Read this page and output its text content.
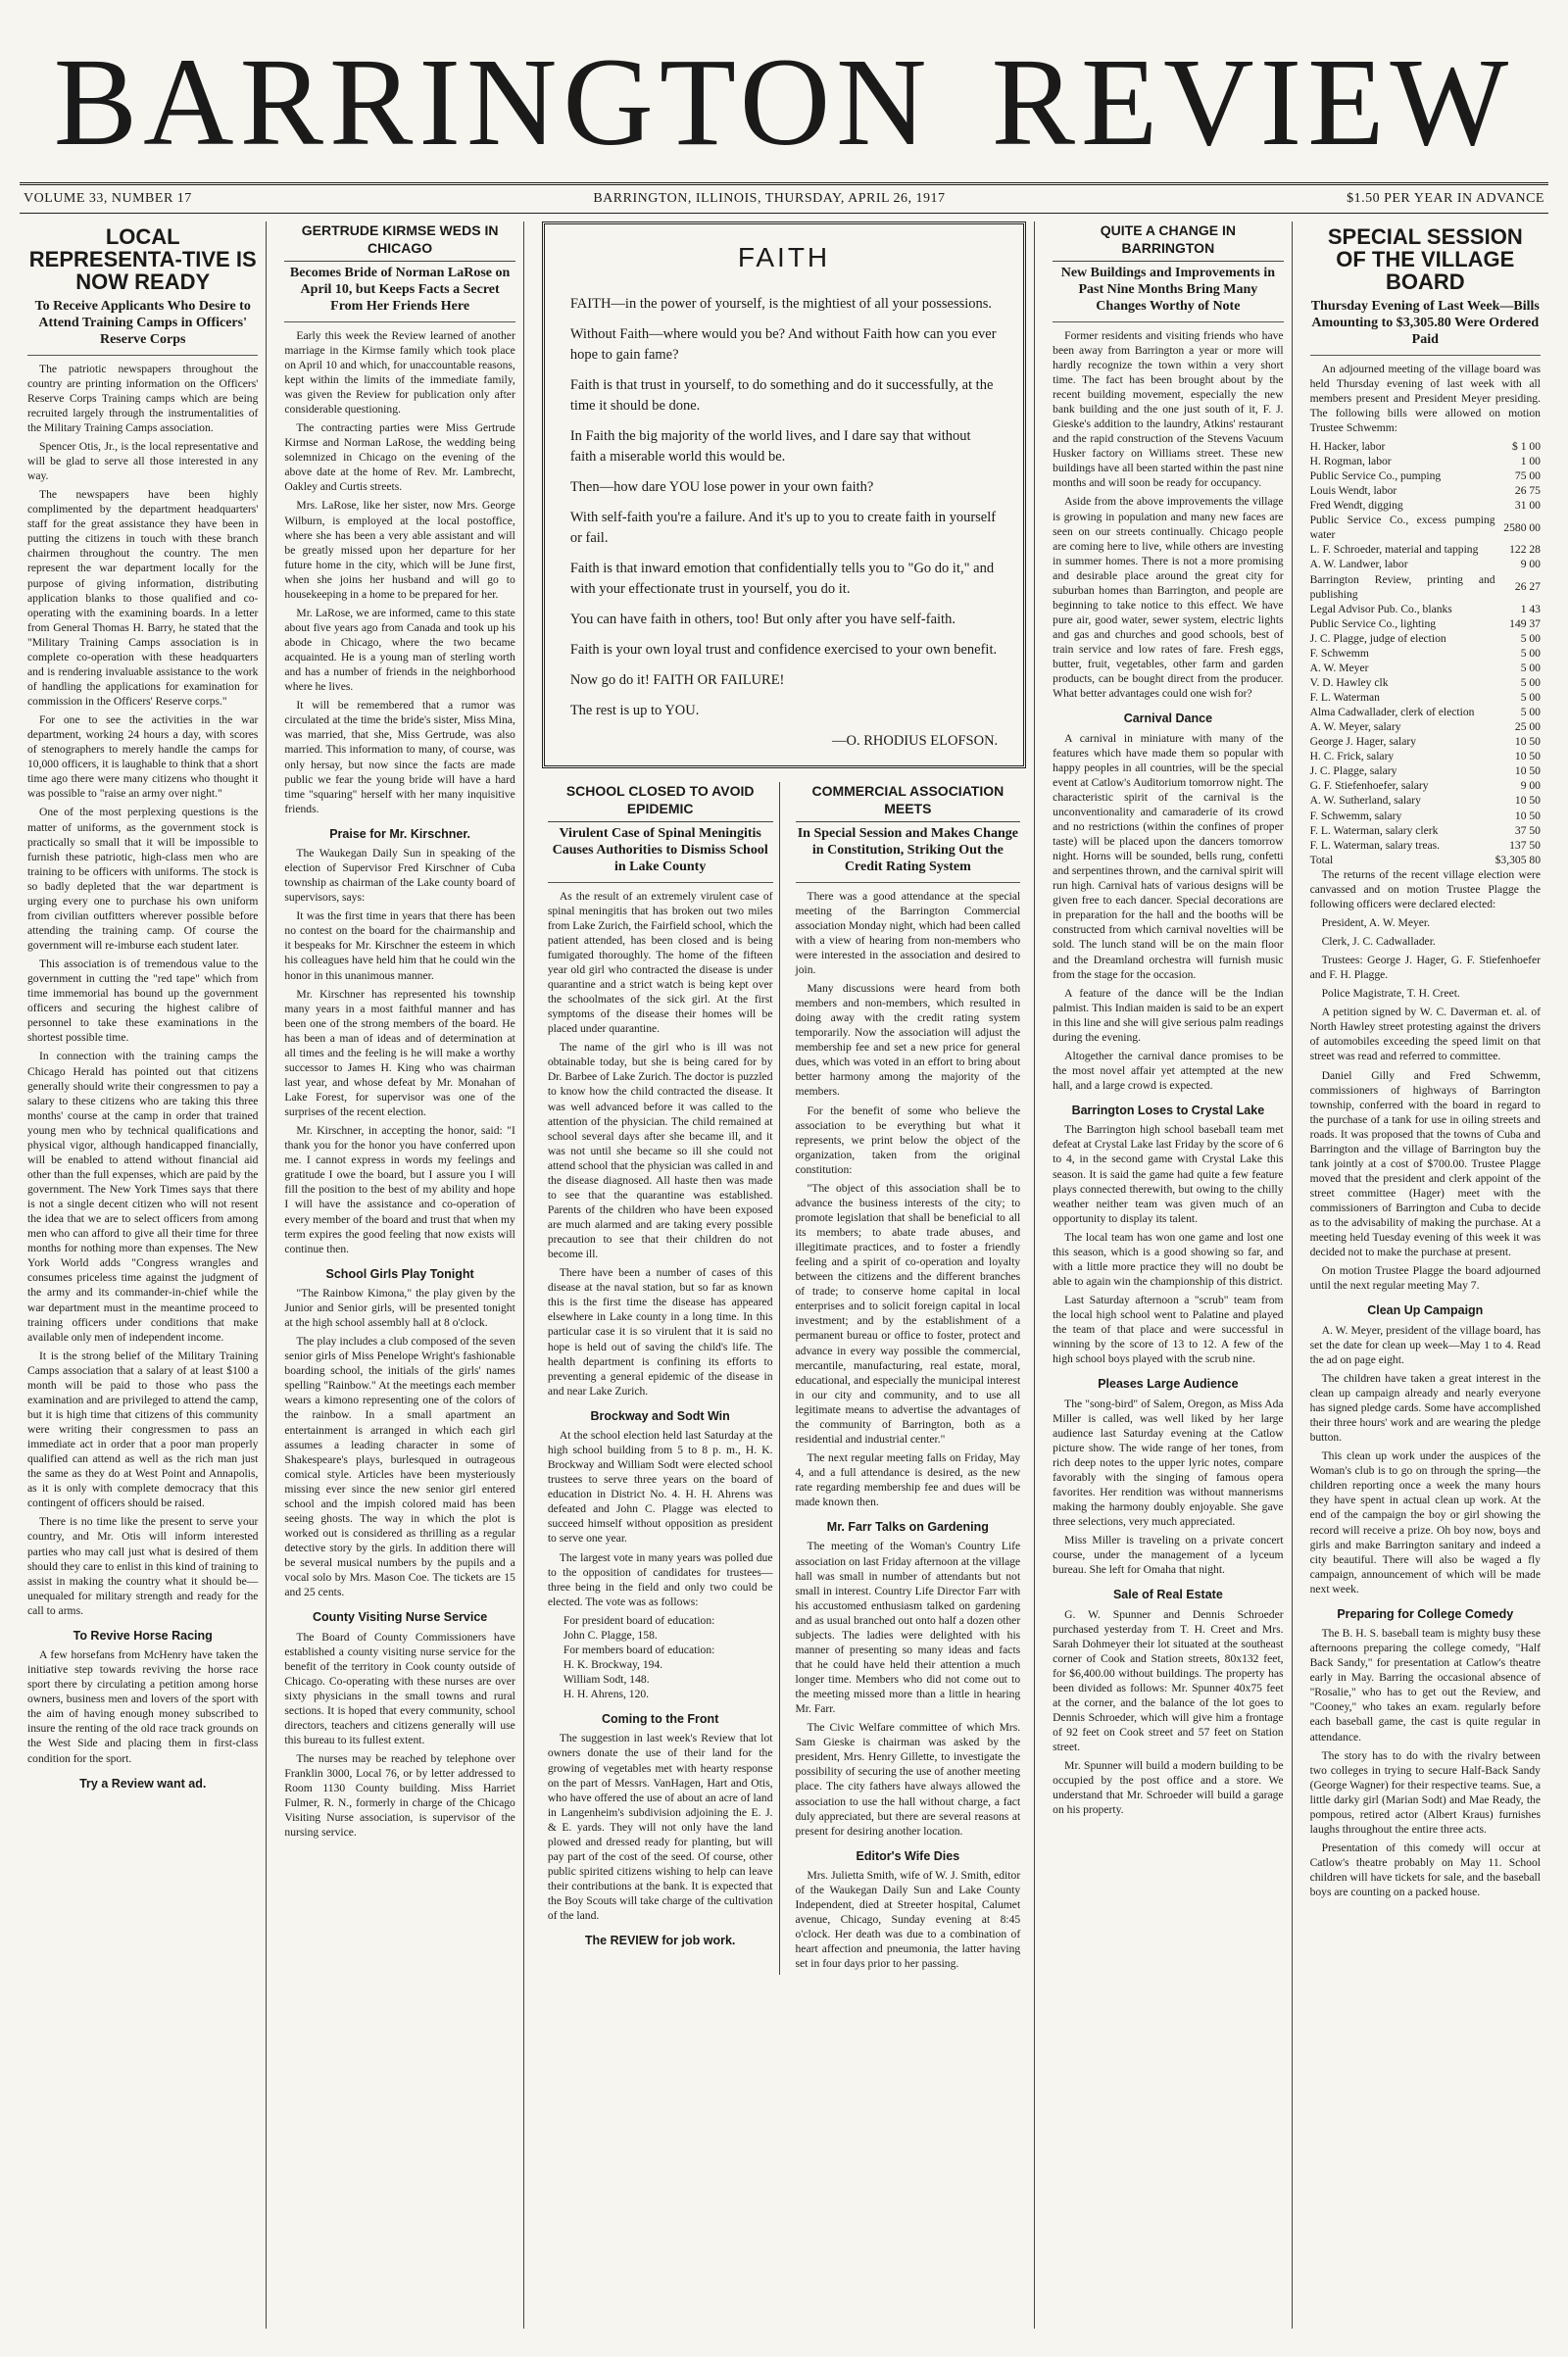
BARRINGTON REVIEW
VOLUME 33, NUMBER 17	BARRINGTON, ILLINOIS, THURSDAY, APRIL 26, 1917	$1.50 PER YEAR IN ADVANCE
LOCAL REPRESENTA-TIVE IS NOW READY
To Receive Applicants Who Desire to Attend Training Camps in Officers' Reserve Corps

The patriotic newspapers throughout the country are printing information on the Officers' Reserve Corps Training camps which are being recruited largely through the instrumentalities of the Military Training Camps association.

Spencer Otis, Jr., is the local representative and will be glad to serve all those interested in any way.

The newspapers have been highly complimented by the department headquarters' staff for the great assistance they have been in putting the citizens in touch with these branch chairmen throughout the country. The men represent the war department locally for the purpose of giving information, distributing application blanks to those qualified and co-operating with the examining boards. In a letter from General Thomas H. Barry, he stated that the "Military Training Camps association is in complete co-operation with these headquarters and is rendering invaluable assistance to the work of handling the applications for examination for commission in the Officers' Reserve corps."

For one to see the activities in the war department, working 24 hours a day, with scores of stenographers to merely handle the camps for 10,000 officers, it is laughable to think that a short time ago there were many citizens who thought it was possible to "raise an army over night."

One of the most perplexing questions is the matter of uniforms, as the government stock is practically so small that it will be impossible to furnish these patriotic, high-class men who are training to be officers with uniforms. The stock is so badly depleted that the war department is urging every one to purchase his own uniform from civilian outfitters wherever possible before attending the training camp. Of course the government will re-imburse each student later.

This association is of tremendous value to the government in cutting the "red tape" which from time immemorial has bound up the government officers and securing the highest calibre of personnel to take these examinations in the shortest possible time.

In connection with the training camps the Chicago Herald has pointed out that citizens generally should write their congressmen to pay a salary to these citizens who are taking this three months' course at the camp in order that trained young men who by technical qualifications and physical vigor, although handicapped financially, will be enabled to attend without financial aid other than the full expenses, which are paid by the government. The New York Times says that there is not a single decent citizen who will not resent the idea that we are to select officers from among men who can afford to give all their time for three months for nothing more than expenses. The New York World adds "Congress wrangles and consumes priceless time against the judgment of the army and its commander-in-chief while the war department must in the meantime proceed to training officers under conditions that make available only men of independent income.

It is the strong belief of the Military Training Camps association that a salary of at least $100 a month will be paid to those who pass the examination and are privileged to attend the camp, but it is high time that citizens of this community were writing their congressmen to pass an immediate act in order that a poor man properly qualified can attend as well as the rich man just the same as they do at West Point and Annapolis, as it is only with complete democracy that this contingent of officers should be raised.

There is no time like the present to serve your country, and Mr. Otis will inform interested parties who may call just what is desired of them should they care to enlist in this kind of training to assist in making the country what it should be—unequaled for military strength and ready for the call to arms.

To Revive Horse Racing

A few horsefans from McHenry have taken the initiative step towards reviving the horse race sport there by circulating a petition among horse owners, business men and lovers of the sport with the aim of having enough money subscribed to insure the renting of the old race track grounds on the West Side and placing them in first-class condition for the sport.

Try a Review want ad.
GERTRUDE KIRMSE WEDS IN CHICAGO
Becomes Bride of Norman LaRose on April 10, but Keeps Facts a Secret From Her Friends Here

Early this week the Review learned of another marriage in the Kirmse family which took place on April 10 and which, for unaccountable reasons, kept within the limits of the immediate family, was given the Review for publication only after considerable questioning.

The contracting parties were Miss Gertrude Kirmse and Norman LaRose, the wedding being solemnized in Chicago on the evening of the above date at the home of Rev. Mr. Lambrecht, Oakley and Curtis streets.

Mrs. LaRose, like her sister, now Mrs. George Wilburn, is employed at the local postoffice, where she has been a very able assistant and will be greatly missed upon her departure for her future home in the city, which will be June first, when she joins her husband and will go to housekeeping in a home to be prepared for her.

Mr. LaRose, we are informed, came to this state about five years ago from Canada and took up his abode in Chicago, where the two became acquainted. He is a young man of sterling worth and has a number of friends in the neighborhood where he lives.

It will be remembered that a rumor was circulated at the time the bride's sister, Miss Mina, was married, that she, Miss Gertrude, was also married. This information to many, of course, was only hersay, but now since the facts are made public we fear the young bride will have a hard time "squaring" herself with her many inquisitive friends.

Praise for Mr. Kirschner.

The Waukegan Daily Sun in speaking of the election of Supervisor Fred Kirschner of Cuba township as chairman of the Lake county board of supervisors, says:

It was the first time in years that there has been no contest on the board for the chairmanship and it bespeaks for Mr. Kirschner the esteem in which his colleagues have held him that he could win the honor in this unanimous manner.

Mr. Kirschner has represented his township many years in a most faithful manner and has been one of the strong members of the board. He has been a man of ideas and of determination at all times and the feeling is he will make a worthy successor to James H. King who was chairman last year, and whose defeat by Mr. Monahan of Lake Forest, for supervisor was one of the surprises of the recent election.

Mr. Kirschner, in accepting the honor, said: "I thank you for the honor you have conferred upon me. I cannot express in words my feelings and gratitude I owe the board, but I assure you I will fill the position to the best of my ability and hope I will have the assistance and co-operation of every member of the board and trust that when my term expires the good feeling that now exists will continue then.

School Girls Play Tonight

"The Rainbow Kimona," the play given by the Junior and Senior girls, will be presented tonight at the high school assembly hall at 8 o'clock.

The play includes a club composed of the seven senior girls of Miss Penelope Wright's fashionable boarding school, the initials of the girls' names spelling "Rainbow." At the meetings each member wears a kimono representing one of the colors of the rainbow. In a small apartment an entertainment is arranged in which each girl assumes a leading character in some of Shakespeare's plays, burlesqued in outrageous comical style. Articles have been mysteriously missing ever since the new senior girl entered school and the impish colored maid has been seeing ghosts. The way in which the plot is worked out is considered as thrilling as a regular detective story by the girls. In addition there will be several musical numbers by the pupils and a vocal solo by Mrs. Mason Coe. The tickets are 15 and 25 cents.

County Visiting Nurse Service

The Board of County Commissioners have established a county visiting nurse service for the benefit of the territory in Cook county outside of Chicago. Co-operating with these nurses are over sixty physicians in the small towns and rural sections. It is hoped that every community, school directors, teachers and citizens generally will use this bureau to its fullest extent.

The nurses may be reached by telephone over Franklin 3000, Local 76, or by letter addressed to Room 1130 County building. Miss Harriet Fulmer, R. N., formerly in charge of the Chicago Visiting Nurse association, is supervisor of the nursing service.

FAITH

FAITH—in the power of yourself, is the mightiest of all your possessions.

Without Faith—where would you be? And without Faith how can you ever hope to gain fame?

Faith is that trust in yourself, to do something and do it successfully, at the time it should be done.

In Faith the big majority of the world lives, and I dare say that without faith a miserable world this would be.

Then—how dare YOU lose power in your own faith?

With self-faith you're a failure. And it's up to you to create faith in yourself or fail.

Faith is that inward emotion that confidentially tells you to "Go do it," and with your effectionate trust in yourself, you do it.

You can have faith in others, too! But only after you have self-faith.

Faith is your own loyal trust and confidence exercised to your own benefit.

Now go do it! FAITH OR FAILURE!

The rest is up to YOU.

—O. RHODIUS ELOFSON.
SCHOOL CLOSED TO AVOID EPIDEMIC
Virulent Case of Spinal Meningitis Causes Authorities to Dismiss School in Lake County

As the result of an extremely virulent case of spinal meningitis that has broken out two miles from Lake Zurich, the Fairfield school, which the patient attended, has been closed and is being fumigated thoroughly. The home of the fifteen year old girl who contracted the disease is under quarantine and a strict watch is being kept over the schoolmates of the sick girl. At the first symptoms of the disease their homes will be placed under quarantine.

The name of the girl who is ill was not obtainable today, but she is being cared for by Dr. Barbee of Lake Zurich. The doctor is puzzled to know how the child contracted the disease. It was well advanced before it was called to the attention of the physician. The child remained at school several days after she became ill, and it was not until she became so ill she could not attend school that the physician was called in and the disease diagnosed. All haste then was made to see that the quarantine was established. Parents of the children who have been exposed are much alarmed and are taking every possible precaution to see that their children do not become ill.

There have been a number of cases of this disease at the naval station, but so far as known this is the first time the disease has appeared elsewhere in Lake county in a long time. In this particular case it is so virulent that it is said no hope is held out of saving the child's life. The health department is confining its efforts to preventing a general epidemic of the disease in and near Lake Zurich.

Brockway and Sodt Win

At the school election held last Saturday at the high school building from 5 to 8 p. m., H. K. Brockway and William Sodt were elected school trustees to serve three years on the board of education in District No. 4. H. H. Ahrens was defeated and John C. Plagge was elected to succeed himself without opposition as president to serve one year.

The largest vote in many years was polled due to the opposition of candidates for trustees—three being in the field and only two could be elected. The vote was as follows:

For president board of education:

John C. Plagge, 158.

For members board of education:

H. K. Brockway, 194.

William Sodt, 148.

H. H. Ahrens, 120.

Coming to the Front

The suggestion in last week's Review that lot owners donate the use of their land for the growing of vegetables met with hearty response on the part of Messrs. VanHagen, Hart and Otis, who have offered the use of about an acre of land in Langenheim's subdivision adjoining the E. J. & E. yards. They will not only have the land plowed and dressed ready for planting, but will pay part of the cost of the seed. Of course, other public spirited citizens wishing to help can leave their contributions at the bank. It is expected that the Boy Scouts will take charge of the cultivation of the land.

The REVIEW for job work.
COMMERCIAL ASSOCIATION MEETS
In Special Session and Makes Change in Constitution, Striking Out the Credit Rating System

There was a good attendance at the special meeting of the Barrington Commercial association Monday night, which had been called with a view of hearing from non-members who were interested in the association and desired to join.

Many discussions were heard from both members and non-members, which resulted in doing away with the credit rating system temporarily. Now the association will adjust the membership fee and set a new price for general dues, which was voted in an effort to bring about better harmony among the majority of the members.

For the benefit of some who believe the association to be everything but what it represents, we print below the object of the organization, taken from the original constitution:

"The object of this association shall be to advance the business interests of the city; to promote legislation that shall be beneficial to all its members; to abate trade abuses, and illegitimate practices, and to foster a friendly feeling and a spirit of co-operation and loyalty between the citizens and the different branches of trade; to conserve home capital in local enterprises and to solicit foreign capital in local investment; and by the establishment of a permanent bureau or office to foster, protect and advance in every way possible the commercial, mercantile, manufacturing, real estate, moral, educational, and especially the municipal interest in our city and community, and to use all legitimate means to advertise the advantages of the community of Barrington, both as a residential and industrial center."

The next regular meeting falls on Friday, May 4, and a full attendance is desired, as the new rate regarding membership fee and dues will be made known then.

Mr. Farr Talks on Gardening

The meeting of the Woman's Country Life association on last Friday afternoon at the village hall was small in number of attendants but not small in interest. Country Life Director Farr with his accustomed enthusiasm talked on gardening and as usual branched out onto half a dozen other subjects. The ladies were delighted with his manner of presenting so many ideas and facts that he could have held their attention a much longer time. Members who did not come out to the meeting missed more than a little in hearing Mr. Farr.

The Civic Welfare committee of which Mrs. Sam Gieske is chairman was asked by the president, Mrs. Henry Gillette, to investigate the possibility of securing the use of another meeting place. The city fathers have always allowed the association to use the hall without charge, a fact duly appreciated, but there are several reasons at present for desiring another location.

Editor's Wife Dies

Mrs. Julietta Smith, wife of W. J. Smith, editor of the Waukegan Daily Sun and Lake County Independent, died at Streeter hospital, Calumet avenue, Chicago, Sunday evening at 8:45 o'clock. Her death was due to a combination of heart affection and pneumonia, the latter having set in four days prior to her passing.

QUITE A CHANGE IN BARRINGTON
New Buildings and Improvements in Past Nine Months Bring Many Changes Worthy of Note

Former residents and visiting friends who have been away from Barrington a year or more will hardly recognize the town within a very short time. The fact has been brought about by the recent building movement, especially the new bank building and the one just south of it, F. J. Gieske's addition to the laundry, Atkins' restaurant and the rapid construction of the Stevens Vacuum Husker factory on Williams street. These new buildings have all been started within the past nine months and will soon be ready for occupancy.

Aside from the above improvements the village is growing in population and many new faces are seen on our streets continually. Chicago people are coming here to live, while others are investing in summer homes. There is not a more promising and desirable place around the great city for suburban homes than Barrington, and people are beginning to take notice to this effect. We have pure air, good water, sewer system, electric lights and gas and churches and good schools, best of train service and low rates of fare. Fresh eggs, butter, fruit, vegetables, other farm and garden products, can be bought direct from the producer. What better advantages could one wish for?

Carnival Dance

A carnival in miniature with many of the features which have made them so popular with happy peoples in all countries, will be the special event at Catlow's Auditorium tomorrow night. The characteristic spirit of the carnival is the unconventionality and camaraderie of its crowd and no restrictions (within the confines of proper taste) will be placed upon the dancers tomorrow night. Horns will be sounded, bells rung, confetti and serpentines thrown, and the carnival spirit will run high. Carnival hats of various designs will be given free to each dancer. Special decorations are in preparation for the hall and the booths will be constructed from which carnival novelties will be sold. The lunch stand will be on the main floor and the Dreamland orchestra will furnish music from the stage for the occasion.

A feature of the dance will be the Indian palmist. This Indian maiden is said to be an expert in this line and she will give serious palm readings during the evening.

Altogether the carnival dance promises to be the most novel affair yet attempted at the new hall, and a large crowd is expected.

Barrington Loses to Crystal Lake

The Barrington high school baseball team met defeat at Crystal Lake last Friday by the score of 6 to 4, in the second game with Crystal Lake this season. It is said the game had quite a few feature plays connected therewith, but owing to the chilly weather neither team was given much of an opportunity to display its talent.

The local team has won one game and lost one this season, which is a good showing so far, and with a little more practice they will no doubt be able to again win the championship of this district.

Last Saturday afternoon a "scrub" team from the local high school went to Palatine and played the team of that place and were successful in winning by the score of 13 to 12. A few of the high school boys played with the scrub nine.

Pleases Large Audience

The "song-bird" of Salem, Oregon, as Miss Ada Miller is called, was well liked by her large audience last Saturday evening at the Catlow picture show. The wide range of her tones, from rich deep notes to the upper lyric notes, compare favorably with the singing of famous opera favorites. Her rendition was without mannerisms making the harmony doubly enjoyable. She gave three selections, very much appreciated.

Miss Miller is traveling on a private concert course, under the management of a lyceum bureau. She left for Omaha that night.

Sale of Real Estate

G. W. Spunner and Dennis Schroeder purchased yesterday from T. H. Creet and Mrs. Sarah Dohmeyer their lot situated at the southeast corner of Cook and Station streets, 80x132 feet, for $6,400.00 without buildings. The property has been divided as follows: Mr. Spunner 40x75 feet at the corner, and the balance of the lot goes to Dennis Schroeder, which will give him a frontage of 92 feet on Cook street and 57 feet on Station street.

Mr. Spunner will build a modern building to be occupied by the post office and a store. We understand that Mr. Schroeder will build a garage on his property.

SPECIAL SESSION OF THE VILLAGE BOARD
Thursday Evening of Last Week—Bills Amounting to $3,305.80 Were Ordered Paid

An adjourned meeting of the village board was held Thursday evening of last week with all members present and President Meyer presiding. The following bills were allowed on motion Trustee Schwemm:

H. Hacker, labor	$ 1 00
H. Rogman, labor	1 00
Public Service Co., pumping	75 00
Louis Wendt, labor	26 75
Fred Wendt, digging	31 00
Public Service Co., excess pumping water	2580 00
L. F. Schroeder, material and tapping	122 28
A. W. Landwer, labor	9 00
Barrington Review, printing and publishing	26 27
Legal Advisor Pub. Co., blanks	1 43
Public Service Co., lighting	149 37
J. C. Plagge, judge of election	5 00
F. Schwemm	5 00
A. W. Meyer	5 00
V. D. Hawley clk	5 00
F. L. Waterman	5 00
Alma Cadwallader, clerk of election	5 00
A. W. Meyer, salary	25 00
George J. Hager, salary	10 50
H. C. Frick, salary	10 50
J. C. Plagge, salary	10 50
G. F. Stiefenhoefer, salary	9 00
A. W. Sutherland, salary	10 50
F. Schwemm, salary	10 50
F. L. Waterman, salary clerk	37 50
F. L. Waterman, salary treas.	137 50
Total	$3,305 80

The returns of the recent village election were canvassed and on motion Trustee Plagge the following officers were declared elected:

President, A. W. Meyer.

Clerk, J. C. Cadwallader.

Trustees: George J. Hager, G. F. Stiefenhoefer and F. H. Plagge.

Police Magistrate, T. H. Creet.

A petition signed by W. C. Daverman et. al. of North Hawley street protesting against the drivers of automobiles exceeding the speed limit on that street was read and referred to committee.

Daniel Gilly and Fred Schwemm, commissioners of highways of Barrington township, conferred with the board in regard to the purchase of a tank for use in oiling streets and roads. It was proposed that the towns of Cuba and Barrington and the village of Barrington buy the tank jointly at a cost of $700.00. Trustee Plagge moved that the president and clerk appoint of the street committee (Hager) meet with the commissioners of Barrington and Cuba to decide as to the advisability of making the purchase. At a meeting held Tuesday evening of this week it was decided not to make the purchase at present.

On motion Trustee Plagge the board adjourned until the next regular meeting May 7.

Clean Up Campaign

A. W. Meyer, president of the village board, has set the date for clean up week—May 1 to 4. Read the ad on page eight.

The children have taken a great interest in the clean up campaign already and nearly everyone has signed pledge cards. Some have accomplished their three hours' work and are wearing the pledge button.

This clean up work under the auspices of the Woman's club is to go on through the spring—the children reporting once a week the many hours they have spent in actual clean up work. At the end of the campaign the boy or girl showing the record will receive a prize. Oh boy now, boys and girls and make Barrington sanitary and indeed a city beautiful. There will also be waged a fly campaign, announcement of which will be made next week.

Preparing for College Comedy

The B. H. S. baseball team is mighty busy these afternoons preparing the college comedy, "Half Back Sandy," for presentation at Catlow's theatre early in May. Barring the occasional absence of "Rosalie," who has to get out the Review, and "Cooney," who takes an exam. regularly before each baseball game, the cast is quite regular in attendance.

The story has to do with the rivalry between two colleges in trying to secure Half-Back Sandy (George Wagner) for their respective teams. Sue, a little darky girl (Marian Sodt) and Mae Ready, the pompous, retired actor (Albert Kraus) furnishes laughs throughout the entire three acts.

Presentation of this comedy will occur at Catlow's theatre probably on May 11. School children will have tickets for sale, and the baseball boys are counting on a packed house.
